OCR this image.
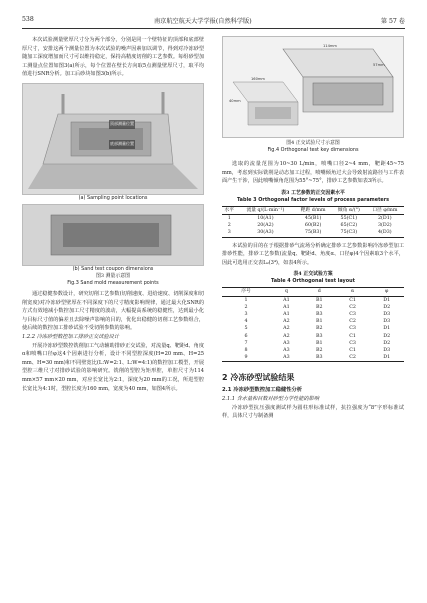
538	南京航空航天大学学报(自然科学版)	第 57 卷

本次试验测量壁厚尺寸分为两个部分，分别是同一个壁特征的顶部和底部壁厚尺寸，安排这两个测量位置为本次试验的噪声因素加以调节，得到对冷冻砂型随加工深度增加而尺寸可以维持稳定，保持高精度切削的工艺参数。每组砂型加工测量点位置如图3(a)所示，每个位置在壁长方向取5点测量壁厚尺寸，取平均值进行SNR分析。加工后砂块如图3(b)所示。

顶部测量位置
底部测量位置
(a) Sampling point locations
(b) Sand test coupon dimensions
图3 测量示意图
Fig.3 Sand mold measurement points

通过稳健参数设计，研究切削工艺参数(切削速度、进给速度、切削深度和切削宽度)对冷冻砂型壁厚在不同深度下的尺寸精度影响规律，通过最大化SNR的方式有效地减小数控加工尺寸精度的波动，大幅提高系统的稳健性，达到最小化与目标尺寸值的偏差且去除噪声影响的目的，优化出稳健的切削工艺参数组合，使后续的数控加工排砂试验不受切削参数的影响。

1.2.2 冷冻砂型数控加工排砂正交试验设计

开展冷冻砂型数控铣削加工气动辅助排砂正交试验，对流量q、靶距d、角度α和喷嘴口径φ这4个因素进行分析，设计不同型腔深度(H=20 mm、H=25 mm、H=30 mm)和不同壁宽比(L:W=2:1、L:W=4:1)的数控加工模型，开展型腔三维尺寸对排砂试验的影响研究。铣削的型腔为矩形腔，单腔尺寸为114 mm×57 mm×20 mm，对应长宽比为2:1，深度为20 mm的工况，所进型腔长宽比为4:1时，型腔长度为160 mm，宽度为40 mm，如图4所示。

114mm
57mm
160mm
40mm
图4 正交试验尺寸示意图
Fig.4 Orthogonal test key dimensions

选取的流量范围为10~30 L/min，喷嘴口径2~4 mm，靶距45~75 mm，考虑到实际铣削是动态加工过程，喷嘴倾角过大会导致射流路径与工件表面产生干涉，因此喷嘴倾角范围为55°~75°，排砂工艺参数如表3所示。

表3 工艺参数的正交因素水平
Table 3 Orthogonal factor levels of process parameters
水平	流量 q/(L·min⁻¹)	靶距 d/mm	倾角 α/(°)	口径 φ/mm
1	10(A1)	45(B1)	55(C1)	2(D1)
2	20(A2)	60(B2)	65(C2)	3(D2)
3	30(A3)	75(B3)	75(C3)	4(D3)

本试验的目的在于根据排砂气流场分析确定排砂工艺参数影响冷冻砂型加工排砂性能，排砂工艺参数(流量q、靶距d、角度α、口径φ)4个因素取3个水平，因此可选用正交表L₉(3⁴)，如表4所示。

表4 正交试验方案
Table 4 Orthogonal test layout
序号	q	d	α	φ
1	A1	B1	C1	D1
2	A1	B2	C2	D2
3	A1	B3	C3	D3
4	A2	B1	C2	D3
5	A2	B2	C3	D1
6	A2	B3	C1	D2
7	A3	B1	C3	D2
8	A3	B2	C1	D3
9	A3	B3	C2	D1
2 冷冻砂型试验结果
2.1 冷冻砂型数控加工稳健性分析
2.1.1 含水量和目数对砂型力学性能的影响

冷冻砂型抗压强度测试样为圆柱形标准试样，抗拉强度为“8”字形标准试样，具体尺寸与制备测
